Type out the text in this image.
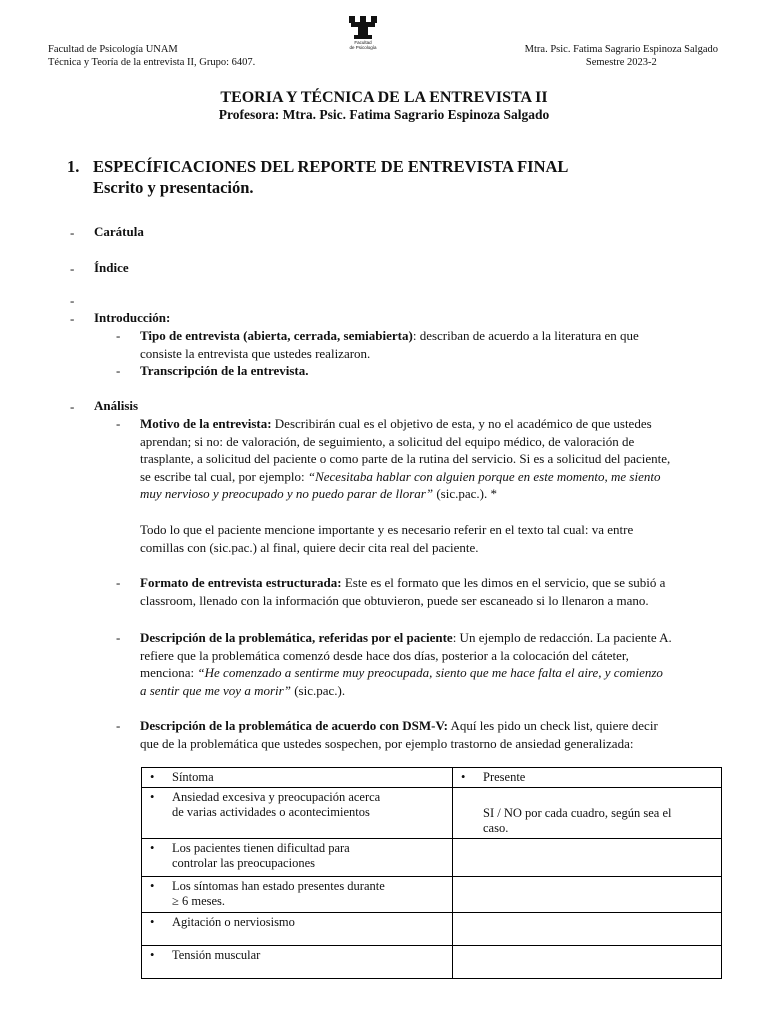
Facultad de Psicología UNAM
Técnica y Teoría de la entrevista II, Grupo: 6407.
Facultad
de Psicología	Mtra. Psic. Fatima Sagrario Espinoza Salgado
Semestre 2023-2
TEORIA Y TÉCNICA DE LA ENTREVISTA II
Profesora: Mtra. Psic. Fatima Sagrario Espinoza Salgado
1. ESPECÍFICACIONES DEL REPORTE DE ENTREVISTA FINAL
Escrito y presentación.
- Carátula
- Índice
-
- Introducción:
- Tipo de entrevista (abierta, cerrada, semiabierta): describan de acuerdo a la literatura en que
consiste la entrevista que ustedes realizaron.
- Transcripción de la entrevista.
- Análisis
- Motivo de la entrevista: Describirán cual es el objetivo de esta, y no el académico de que ustedes
aprendan; si no: de valoración, de seguimiento, a solicitud del equipo médico, de valoración de
trasplante, a solicitud del paciente o como parte de la rutina del servicio. Si es a solicitud del paciente,
se escribe tal cual, por ejemplo: “Necesitaba hablar con alguien porque en este momento, me siento
muy nervioso y preocupado y no puedo parar de llorar” (sic.pac.). *
Todo lo que el paciente mencione importante y es necesario referir en el texto tal cual: va entre
comillas con (sic.pac.) al final, quiere decir cita real del paciente.
- Formato de entrevista estructurada: Este es el formato que les dimos en el servicio, que se subió a
classroom, llenado con la información que obtuvieron, puede ser escaneado si lo llenaron a mano.
- Descripción de la problemática, referidas por el paciente: Un ejemplo de redacción. La paciente A.
refiere que la problemática comenzó desde hace dos días, posterior a la colocación del cáteter,
menciona: “He comenzado a sentirme muy preocupada, siento que me hace falta el aire, y comienzo
a sentir que me voy a morir” (sic.pac.).
- Descripción de la problemática de acuerdo con DSM-V: Aquí les pido un check list, quiere decir
que de la problemática que ustedes sospechen, por ejemplo trastorno de ansiedad generalizada:
• Síntoma	• Presente
• Ansiedad excesiva y preocupación acerca
de varias actividades o acontecimientos	SI / NO por cada cuadro, según sea el
caso.
• Los pacientes tienen dificultad para
controlar las preocupaciones	
• Los síntomas han estado presentes durante
≥ 6 meses.	
• Agitación o nerviosismo	
• Tensión muscular	
